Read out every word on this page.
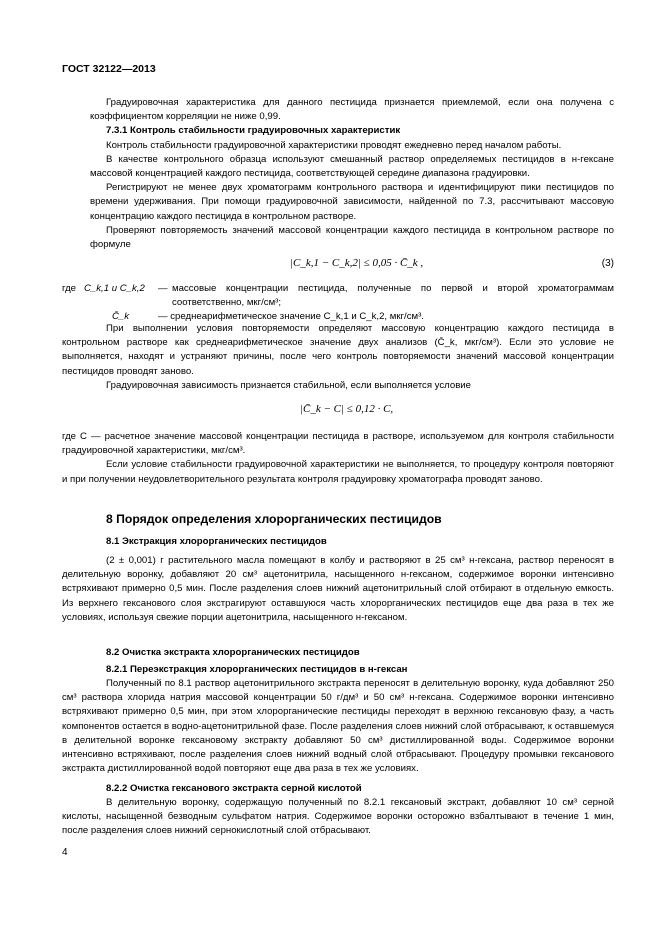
ГОСТ 32122—2013

Градуировочная характеристика для данного пестицида признается приемлемой, если она получена с коэффициентом корреляции не ниже 0,99.

7.3.1 Контроль стабильности градуировочных характеристик

Контроль стабильности градуировочной характеристики проводят ежедневно перед началом работы.

В качестве контрольного образца используют смешанный раствор определяемых пестицидов в н-гексане массовой концентрацией каждого пестицида, соответствующей середине диапазона градуировки.

Регистрируют не менее двух хроматограмм контрольного раствора и идентифицируют пики пестицидов по времени удерживания. При помощи градуировочной зависимости, найденной по 7.3, рассчитывают массовую концентрацию каждого пестицида в контрольном растворе.

Проверяют повторяемость значений массовой концентрации каждого пестицида в контрольном растворе по формуле

|C_k,1 − C_k,2| ≤ 0,05 · C̄_k ,	(3)
где C_k,1 и C_k,2 — массовые концентрации пестицида, полученные по первой и второй хроматограммам соответственно, мкг/см³;
C̄_k	— среднеарифметическое значение C_k,1 и C_k,2, мкг/см³.

При выполнении условия повторяемости определяют массовую концентрацию каждого пестицида в контрольном растворе как среднеарифметическое значение двух анализов (C̄_k, мкг/см³). Если это условие не выполняется, находят и устраняют причины, после чего контроль повторяемости значений массовой концентрации пестицидов проводят заново.

Градуировочная зависимость признается стабильной, если выполняется условие

|C̄_k − C| ≤ 0,12 · C,

где C — расчетное значение массовой концентрации пестицида в растворе, используемом для контроля стабильности градуировочной характеристики, мкг/см³.

Если условие стабильности градуировочной характеристики не выполняется, то процедуру контроля повторяют и при получении неудовлетворительного результата контроля градуировку хроматографа проводят заново.

8 Порядок определения хлорорганических пестицидов
8.1 Экстракция хлорорганических пестицидов

(2 ± 0,001) г растительного масла помещают в колбу и растворяют в 25 см³ н-гексана, раствор переносят в делительную воронку, добавляют 20 см³ ацетонитрила, насыщенного н-гексаном, содержимое воронки интенсивно встряхивают примерно 0,5 мин. После разделения слоев нижний ацетонитрильный слой отбирают в отдельную емкость. Из верхнего гексанового слоя экстрагируют оставшуюся часть хлорорганических пестицидов еще два раза в тех же условиях, используя свежие порции ацетонитрила, насыщенного н-гексаном.

8.2 Очистка экстракта хлорорганических пестицидов
8.2.1 Переэкстракция хлорорганических пестицидов в н-гексан

Полученный по 8.1 раствор ацетонитрильного экстракта переносят в делительную воронку, куда добавляют 250 см³ раствора хлорида натрия массовой концентрации 50 г/дм³ и 50 см³ н-гексана. Содержимое воронки интенсивно встряхивают примерно 0,5 мин, при этом хлорорганические пестициды переходят в верхнюю гексановую фазу, а часть компонентов остается в водно-ацетонитрильной фазе. После разделения слоев нижний слой отбрасывают, к оставшемуся в делительной воронке гексановому экстракту добавляют 50 см³ дистиллированной воды. Содержимое воронки интенсивно встряхивают, после разделения слоев нижний водный слой отбрасывают. Процедуру промывки гексанового экстракта дистиллированной водой повторяют еще два раза в тех же условиях.

8.2.2 Очистка гексанового экстракта серной кислотой

В делительную воронку, содержащую полученный по 8.2.1 гексановый экстракт, добавляют 10 см³ серной кислоты, насыщенной безводным сульфатом натрия. Содержимое воронки осторожно взбалтывают в течение 1 мин, после разделения слоев нижний сернокислотный слой отбрасывают.

4
